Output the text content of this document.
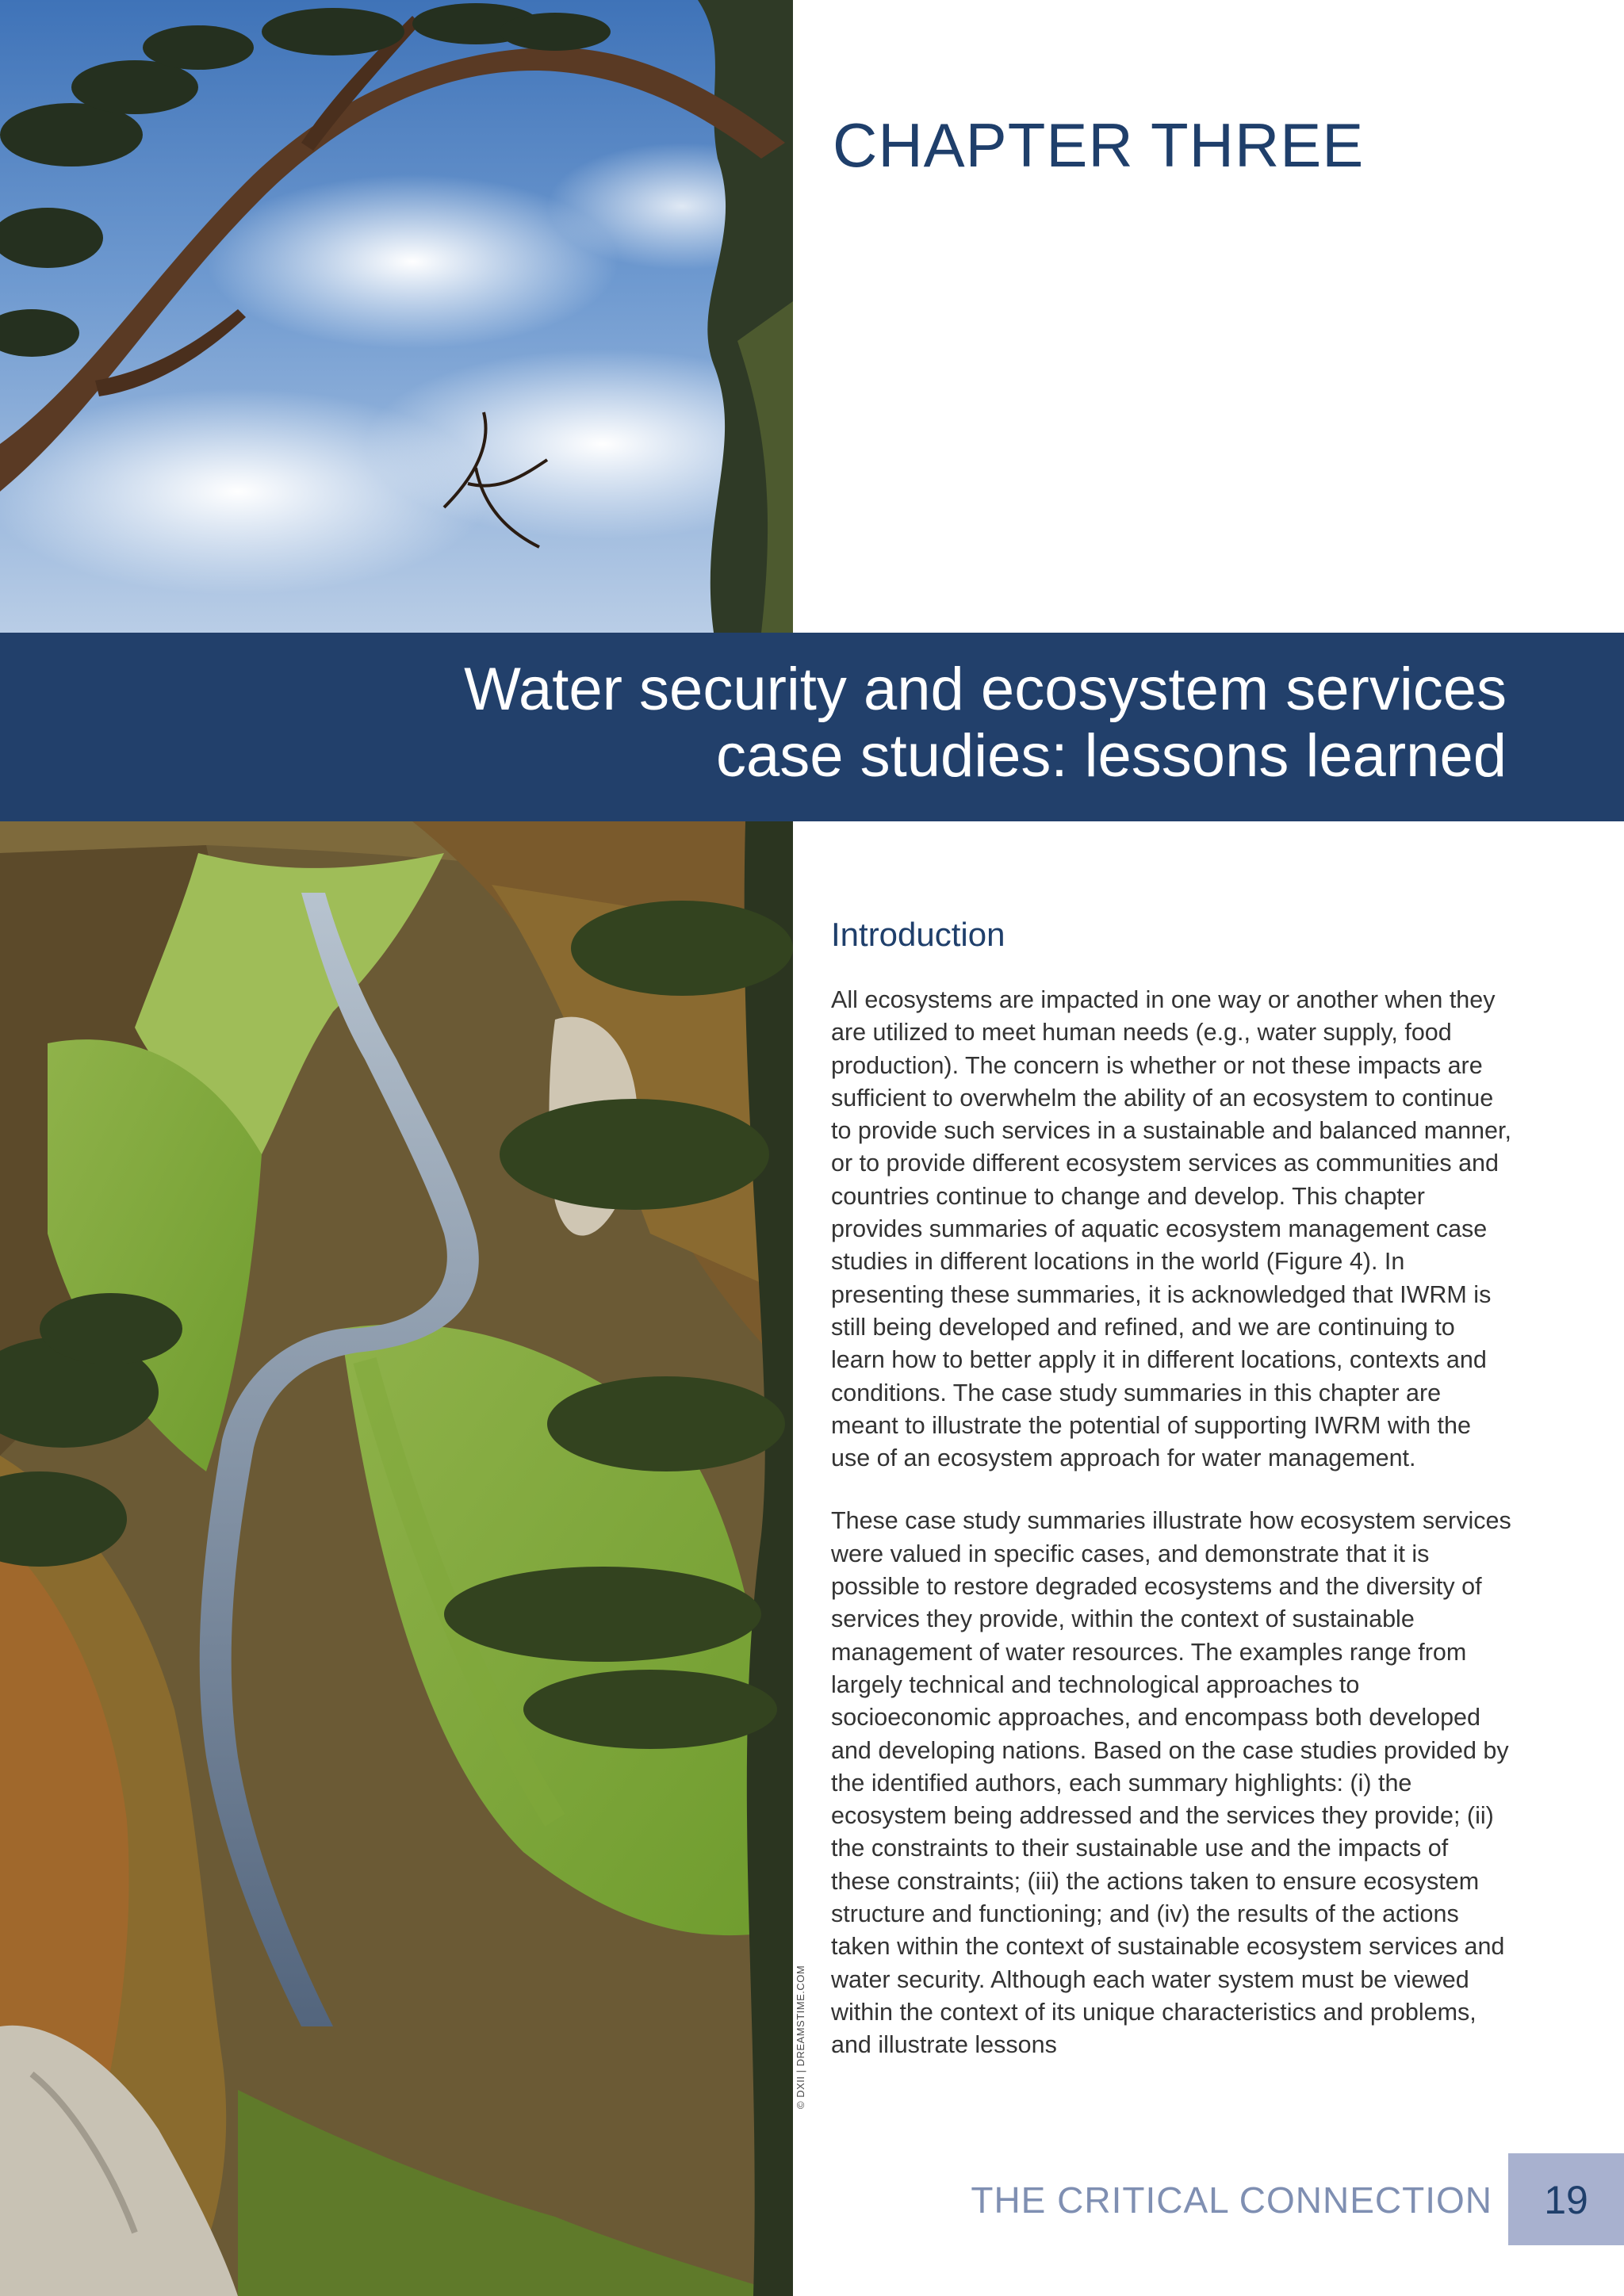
CHAPTER THREE
Water security and ecosystem services
case studies: lessons learned
© DXII | DREAMSTIME.COM
Introduction

All ecosystems are impacted in one way or another when they are utilized to meet human needs (e.g., water supply, food production). The concern is whether or not these impacts are sufficient to overwhelm the ability of an ecosystem to continue to provide such services in a sustainable and balanced manner, or to provide different ecosystem services as communities and countries continue to change and develop. This chapter provides summaries of aquatic ecosystem management case studies in different locations in the world (Figure 4). In presenting these summaries, it is acknowledged that IWRM is still being developed and refined, and we are continuing to learn how to better apply it in different locations, contexts and conditions. The case study summaries in this chapter are meant to illustrate the potential of supporting IWRM with the use of an ecosystem approach for water management.

These case study summaries illustrate how ecosystem services were valued in specific cases, and demonstrate that it is possible to restore degraded ecosystems and the diversity of services they provide, within the context of sustainable management of water resources. The examples range from largely technical and technological approaches to socioeconomic approaches, and encompass both developed and developing nations. Based on the case studies provided by the identified authors, each summary highlights: (i) the ecosystem being addressed and the services they provide; (ii) the constraints to their sustainable use and the impacts of these constraints; (iii) the actions taken to ensure ecosystem structure and functioning; and (iv) the results of the actions taken within the context of sustainable ecosystem services and water security. Although each water system must be viewed within the context of its unique characteristics and problems, and illustrate lessons

THE CRITICAL CONNECTION	19
